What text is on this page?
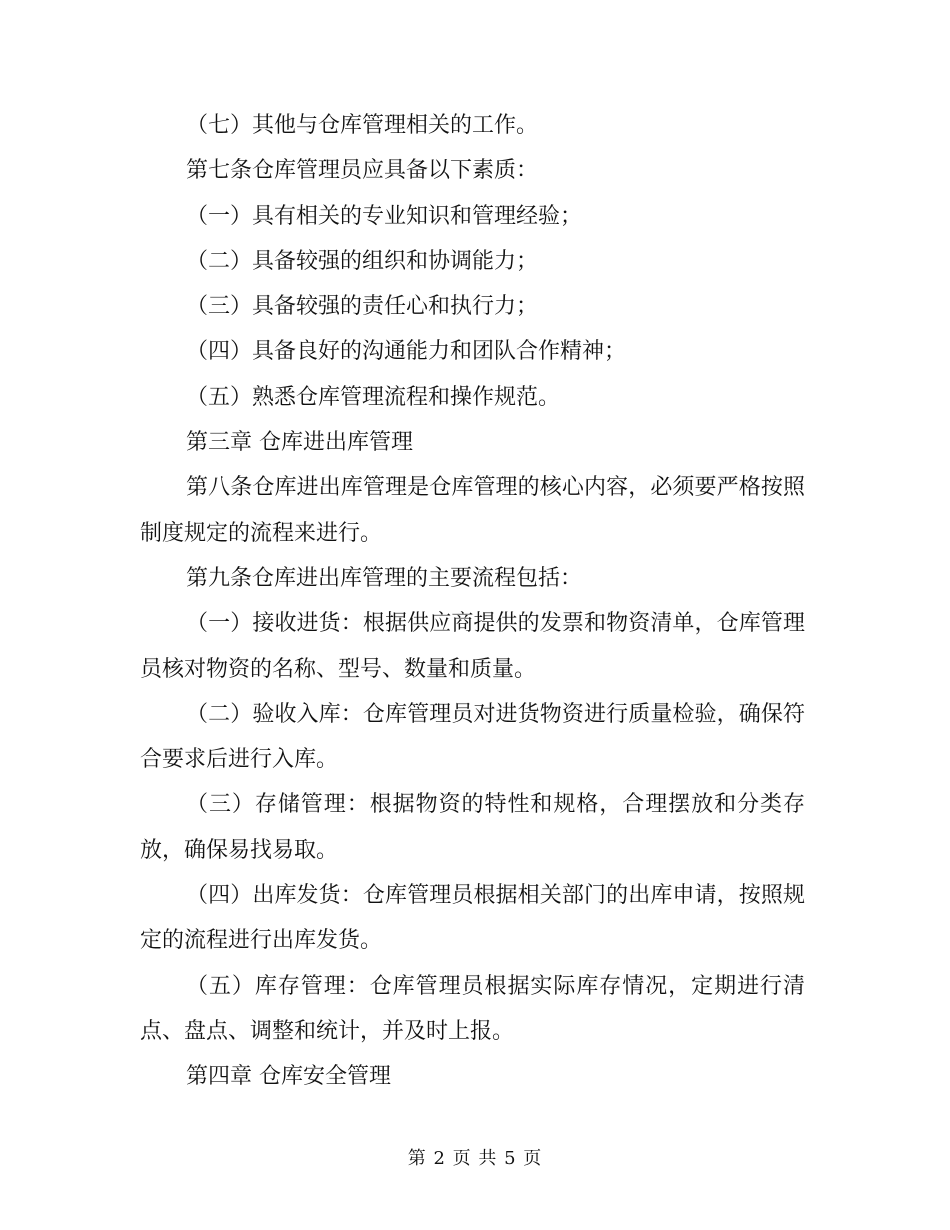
（七）其他与仓库管理相关的工作。

第七条仓库管理员应具备以下素质：

（一）具有相关的专业知识和管理经验；

（二）具备较强的组织和协调能力；

（三）具备较强的责任心和执行力；

（四）具备良好的沟通能力和团队合作精神；

（五）熟悉仓库管理流程和操作规范。

第三章 仓库进出库管理

第八条仓库进出库管理是仓库管理的核心内容，必须要严格按照制度规定的流程来进行。

第九条仓库进出库管理的主要流程包括：

（一）接收进货：根据供应商提供的发票和物资清单，仓库管理员核对物资的名称、型号、数量和质量。

（二）验收入库：仓库管理员对进货物资进行质量检验，确保符合要求后进行入库。

（三）存储管理：根据物资的特性和规格，合理摆放和分类存放，确保易找易取。

（四）出库发货：仓库管理员根据相关部门的出库申请，按照规定的流程进行出库发货。

（五）库存管理：仓库管理员根据实际库存情况，定期进行清点、盘点、调整和统计，并及时上报。

第四章 仓库安全管理

第 2 页 共 5 页
